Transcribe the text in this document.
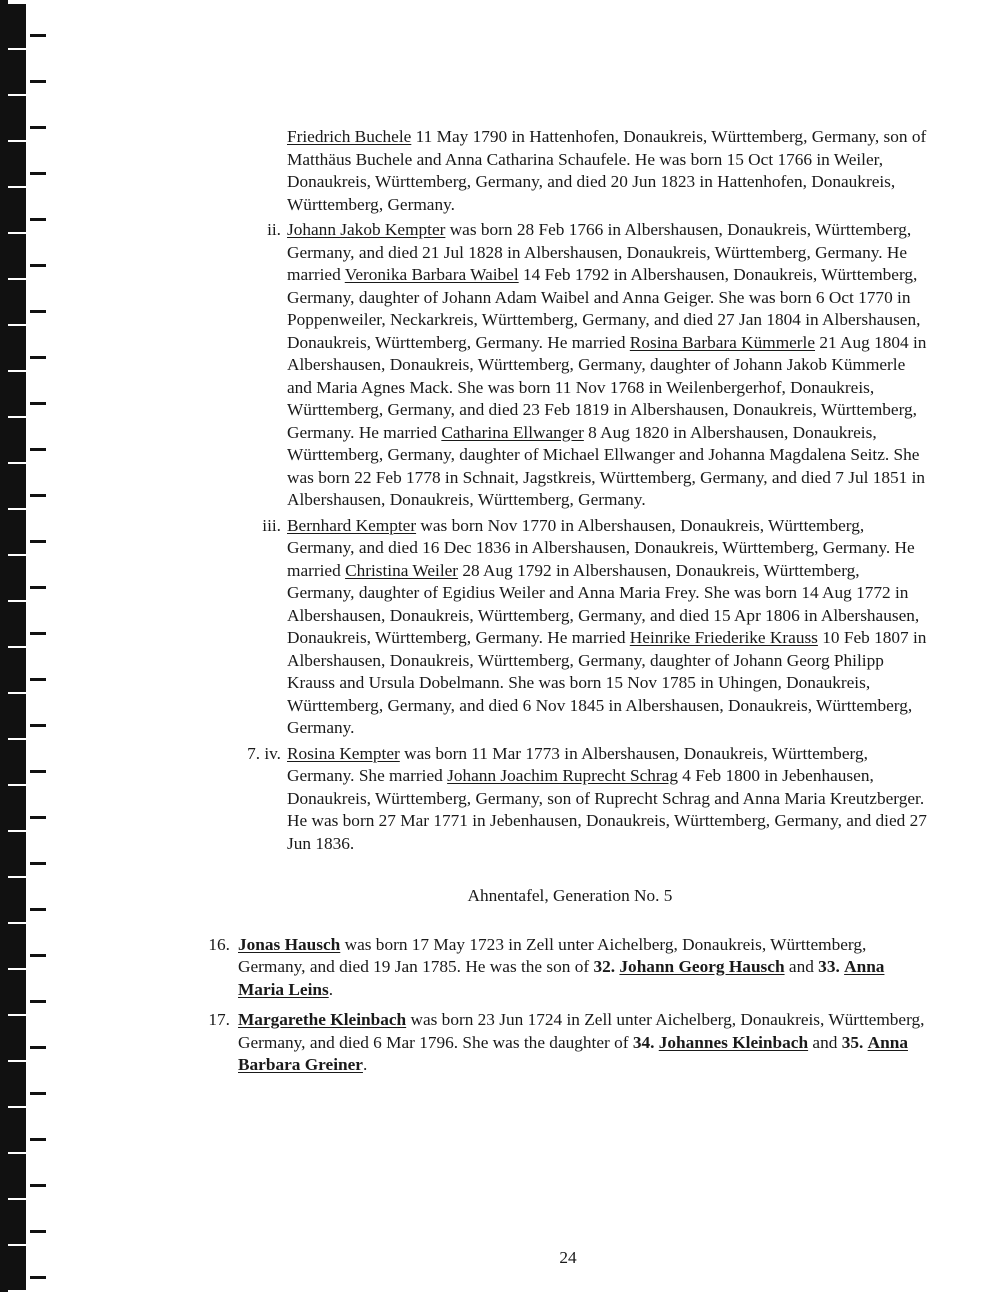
Friedrich Buchele 11 May 1790 in Hattenhofen, Donaukreis, Württemberg, Germany, son of Matthäus Buchele and Anna Catharina Schaufele. He was born 15 Oct 1766 in Weiler, Donaukreis, Württemberg, Germany, and died 20 Jun 1823 in Hattenhofen, Donaukreis, Württemberg, Germany.
ii. Johann Jakob Kempter was born 28 Feb 1766 in Albershausen, Donaukreis, Württemberg, Germany, and died 21 Jul 1828 in Albershausen, Donaukreis, Württemberg, Germany. He married Veronika Barbara Waibel 14 Feb 1792 in Albershausen, Donaukreis, Württemberg, Germany, daughter of Johann Adam Waibel and Anna Geiger. She was born 6 Oct 1770 in Poppenweiler, Neckarkreis, Württemberg, Germany, and died 27 Jan 1804 in Albershausen, Donaukreis, Württemberg, Germany. He married Rosina Barbara Kümmerle 21 Aug 1804 in Albershausen, Donaukreis, Württemberg, Germany, daughter of Johann Jakob Kümmerle and Maria Agnes Mack. She was born 11 Nov 1768 in Weilenbergerhof, Donaukreis, Württemberg, Germany, and died 23 Feb 1819 in Albershausen, Donaukreis, Württemberg, Germany. He married Catharina Ellwanger 8 Aug 1820 in Albershausen, Donaukreis, Württemberg, Germany, daughter of Michael Ellwanger and Johanna Magdalena Seitz. She was born 22 Feb 1778 in Schnait, Jagstkreis, Württemberg, Germany, and died 7 Jul 1851 in Albershausen, Donaukreis, Württemberg, Germany.
iii. Bernhard Kempter was born Nov 1770 in Albershausen, Donaukreis, Württemberg, Germany, and died 16 Dec 1836 in Albershausen, Donaukreis, Württemberg, Germany. He married Christina Weiler 28 Aug 1792 in Albershausen, Donaukreis, Württemberg, Germany, daughter of Egidius Weiler and Anna Maria Frey. She was born 14 Aug 1772 in Albershausen, Donaukreis, Württemberg, Germany, and died 15 Apr 1806 in Albershausen, Donaukreis, Württemberg, Germany. He married Heinrike Friederike Krauss 10 Feb 1807 in Albershausen, Donaukreis, Württemberg, Germany, daughter of Johann Georg Philipp Krauss and Ursula Dobelmann. She was born 15 Nov 1785 in Uhingen, Donaukreis, Württemberg, Germany, and died 6 Nov 1845 in Albershausen, Donaukreis, Württemberg, Germany.
7. iv. Rosina Kempter was born 11 Mar 1773 in Albershausen, Donaukreis, Württemberg, Germany. She married Johann Joachim Ruprecht Schrag 4 Feb 1800 in Jebenhausen, Donaukreis, Württemberg, Germany, son of Ruprecht Schrag and Anna Maria Kreutzberger. He was born 27 Mar 1771 in Jebenhausen, Donaukreis, Württemberg, Germany, and died 27 Jun 1836.
Ahnentafel, Generation No. 5
16. Jonas Hausch was born 17 May 1723 in Zell unter Aichelberg, Donaukreis, Württemberg, Germany, and died 19 Jan 1785. He was the son of 32. Johann Georg Hausch and 33. Anna Maria Leins.
17. Margarethe Kleinbach was born 23 Jun 1724 in Zell unter Aichelberg, Donaukreis, Württemberg, Germany, and died 6 Mar 1796. She was the daughter of 34. Johannes Kleinbach and 35. Anna Barbara Greiner.
24
